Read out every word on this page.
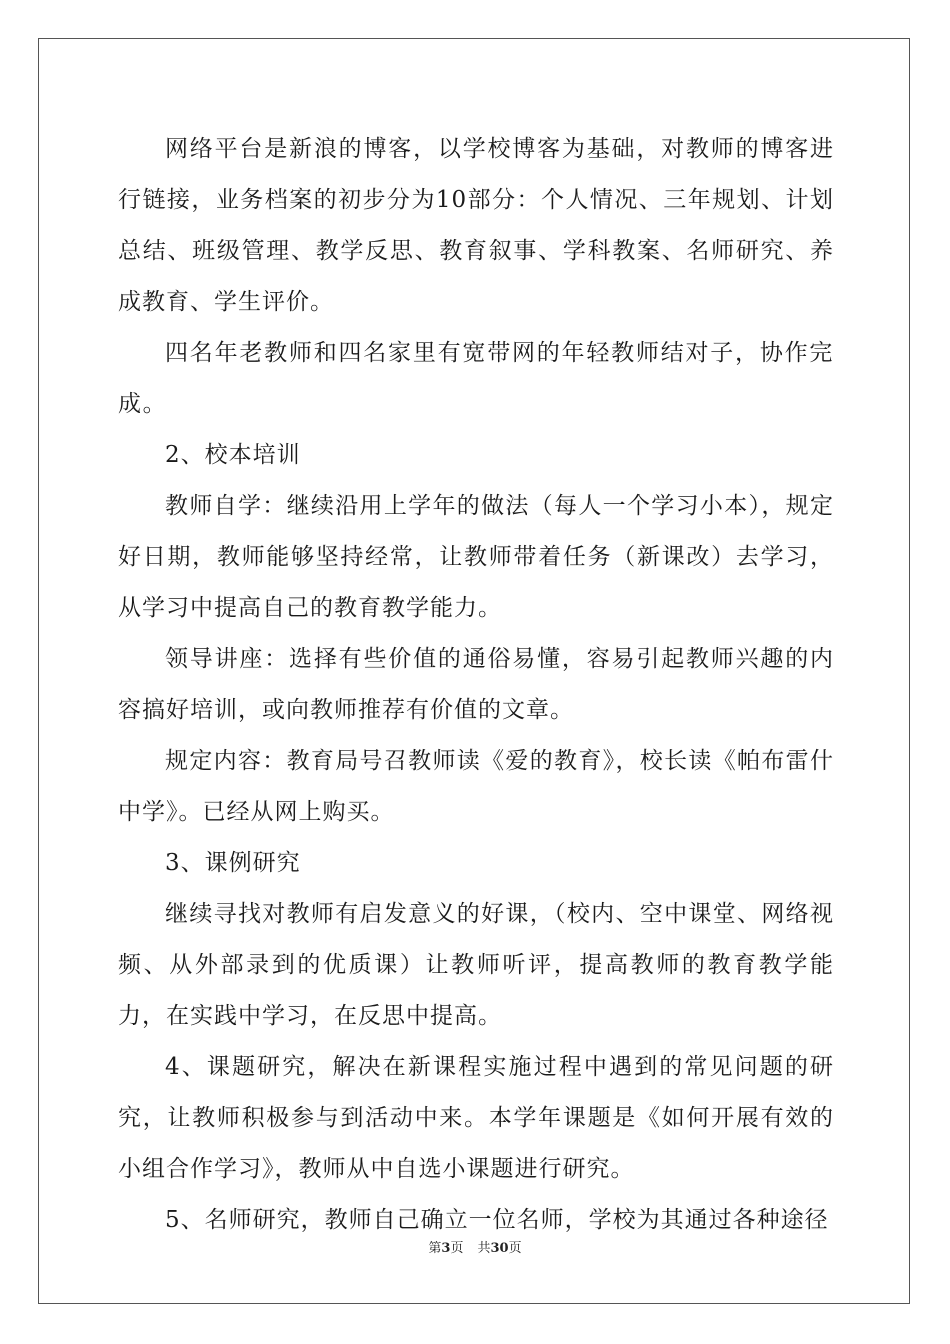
网络平台是新浪的博客，以学校博客为基础，对教师的博客进行链接，业务档案的初步分为10部分：个人情况、三年规划、计划总结、班级管理、教学反思、教育叙事、学科教案、名师研究、养成教育、学生评价。

四名年老教师和四名家里有宽带网的年轻教师结对子，协作完成。

2、校本培训

教师自学：继续沿用上学年的做法（每人一个学习小本），规定好日期，教师能够坚持经常，让教师带着任务（新课改）去学习，从学习中提高自己的教育教学能力。

领导讲座：选择有些价值的通俗易懂，容易引起教师兴趣的内容搞好培训，或向教师推荐有价值的文章。

规定内容：教育局号召教师读《爱的教育》，校长读《帕布雷什中学》。已经从网上购买。

3、课例研究

继续寻找对教师有启发意义的好课，（校内、空中课堂、网络视频、从外部录到的优质课）让教师听评，提高教师的教育教学能力，在实践中学习，在反思中提高。

4、课题研究，解决在新课程实施过程中遇到的常见问题的研究，让教师积极参与到活动中来。本学年课题是《如何开展有效的小组合作学习》，教师从中自选小课题进行研究。

5、名师研究，教师自己确立一位名师，学校为其通过各种途径

第3页 共30页
